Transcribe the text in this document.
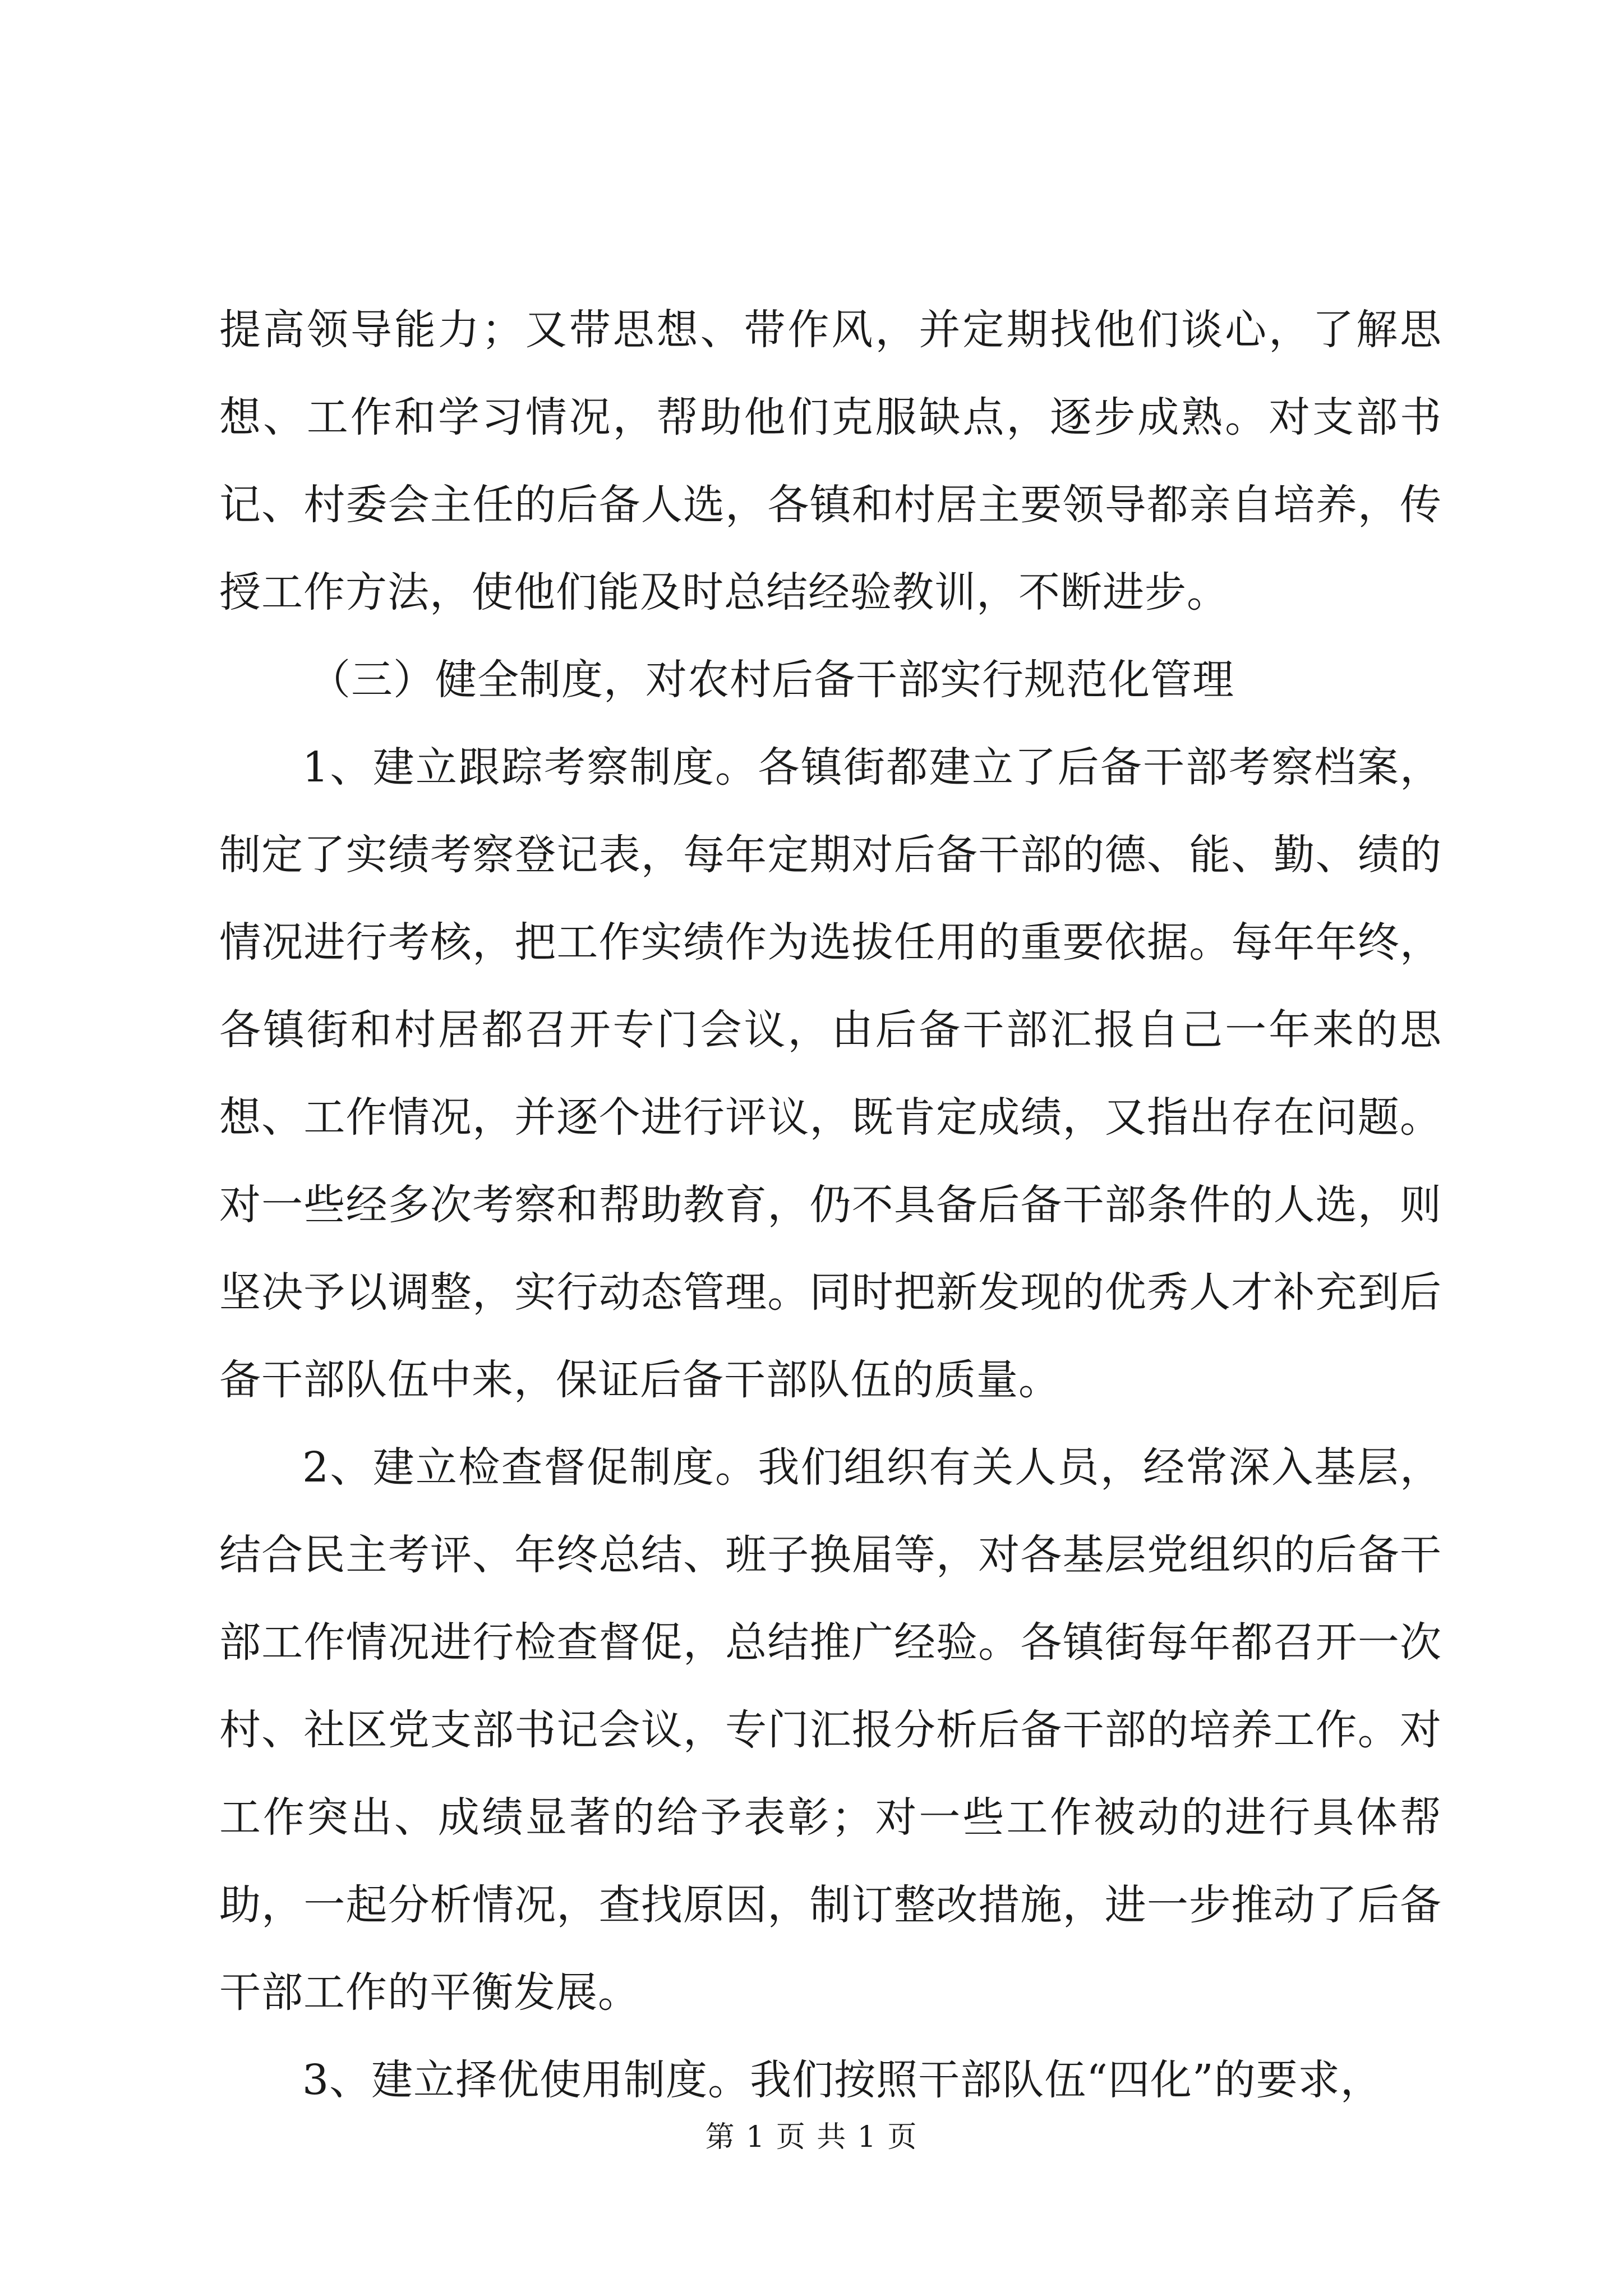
提高领导能力；又带思想、带作风，并定期找他们谈心，了解思想、工作和学习情况，帮助他们克服缺点，逐步成熟。对支部书记、村委会主任的后备人选，各镇和村居主要领导都亲自培养，传授工作方法，使他们能及时总结经验教训，不断进步。

（三）健全制度，对农村后备干部实行规范化管理

1、建立跟踪考察制度。各镇街都建立了后备干部考察档案，制定了实绩考察登记表，每年定期对后备干部的德、能、勤、绩的情况进行考核，把工作实绩作为选拔任用的重要依据。每年年终，各镇街和村居都召开专门会议，由后备干部汇报自己一年来的思想、工作情况，并逐个进行评议，既肯定成绩，又指出存在问题。对一些经多次考察和帮助教育，仍不具备后备干部条件的人选，则坚决予以调整，实行动态管理。同时把新发现的优秀人才补充到后备干部队伍中来，保证后备干部队伍的质量。

2、建立检查督促制度。我们组织有关人员，经常深入基层，结合民主考评、年终总结、班子换届等，对各基层党组织的后备干部工作情况进行检查督促，总结推广经验。各镇街每年都召开一次村、社区党支部书记会议，专门汇报分析后备干部的培养工作。对工作突出、成绩显著的给予表彰；对一些工作被动的进行具体帮助，一起分析情况，查找原因，制订整改措施，进一步推动了后备干部工作的平衡发展。

3、建立择优使用制度。我们按照干部队伍“四化”的要求，

第 1 页 共 1 页
